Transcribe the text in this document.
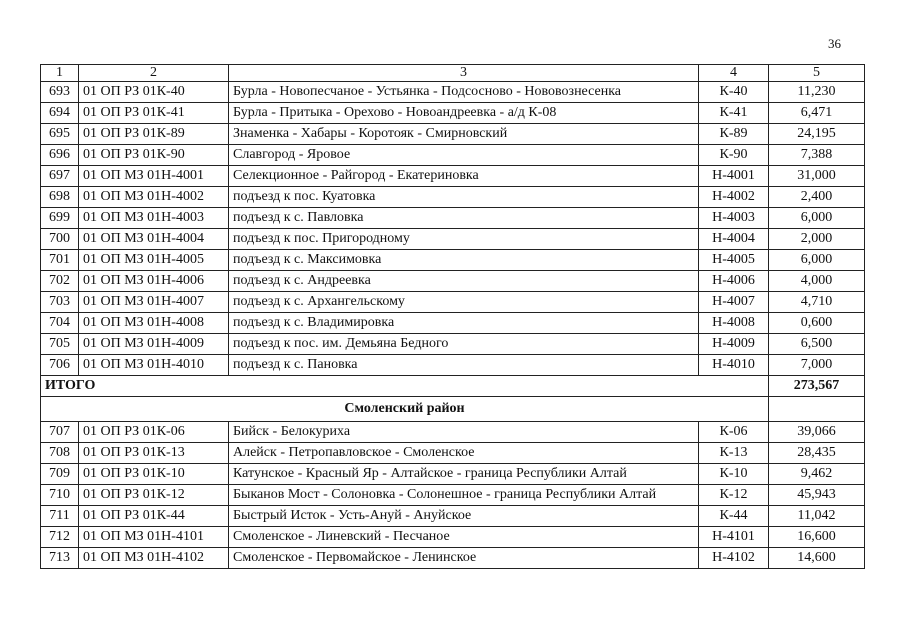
36
1	2	3	4	5
693	01 ОП РЗ 01К-40	Бурла - Новопесчаное - Устьянка - Подсосново - Нововознесенка	К-40	11,230
694	01 ОП РЗ 01К-41	Бурла - Притыка - Орехово - Новоандреевка - а/д К-08	К-41	6,471
695	01 ОП РЗ 01К-89	Знаменка - Хабары - Коротояк - Смирновский	К-89	24,195
696	01 ОП РЗ 01К-90	Славгород - Яровое	К-90	7,388
697	01 ОП МЗ 01Н-4001	Селекционное - Райгород - Екатериновка	Н-4001	31,000
698	01 ОП МЗ 01Н-4002	подъезд к пос. Куатовка	Н-4002	2,400
699	01 ОП МЗ 01Н-4003	подъезд к с. Павловка	Н-4003	6,000
700	01 ОП МЗ 01Н-4004	подъезд к пос. Пригородному	Н-4004	2,000
701	01 ОП МЗ 01Н-4005	подъезд к с. Максимовка	Н-4005	6,000
702	01 ОП МЗ 01Н-4006	подъезд к с. Андреевка	Н-4006	4,000
703	01 ОП МЗ 01Н-4007	подъезд к с. Архангельскому	Н-4007	4,710
704	01 ОП МЗ 01Н-4008	подъезд к с. Владимировка	Н-4008	0,600
705	01 ОП МЗ 01Н-4009	подъезд к пос. им. Демьяна Бедного	Н-4009	6,500
706	01 ОП МЗ 01Н-4010	подъезд к с. Пановка	Н-4010	7,000
ИТОГО				273,567
Смоленский район				
707	01 ОП РЗ 01К-06	Бийск - Белокуриха	К-06	39,066
708	01 ОП РЗ 01К-13	Алейск - Петропавловское - Смоленское	К-13	28,435
709	01 ОП РЗ 01К-10	Катунское - Красный Яр - Алтайское - граница Республики Алтай	К-10	9,462
710	01 ОП РЗ 01К-12	Быканов Мост - Солоновка - Солонешное - граница Республики Алтай	К-12	45,943
711	01 ОП РЗ 01К-44	Быстрый Исток - Усть-Ануй - Ануйское	К-44	11,042
712	01 ОП МЗ 01Н-4101	Смоленское - Линевский - Песчаное	Н-4101	16,600
713	01 ОП МЗ 01Н-4102	Смоленское - Первомайское - Ленинское	Н-4102	14,600
